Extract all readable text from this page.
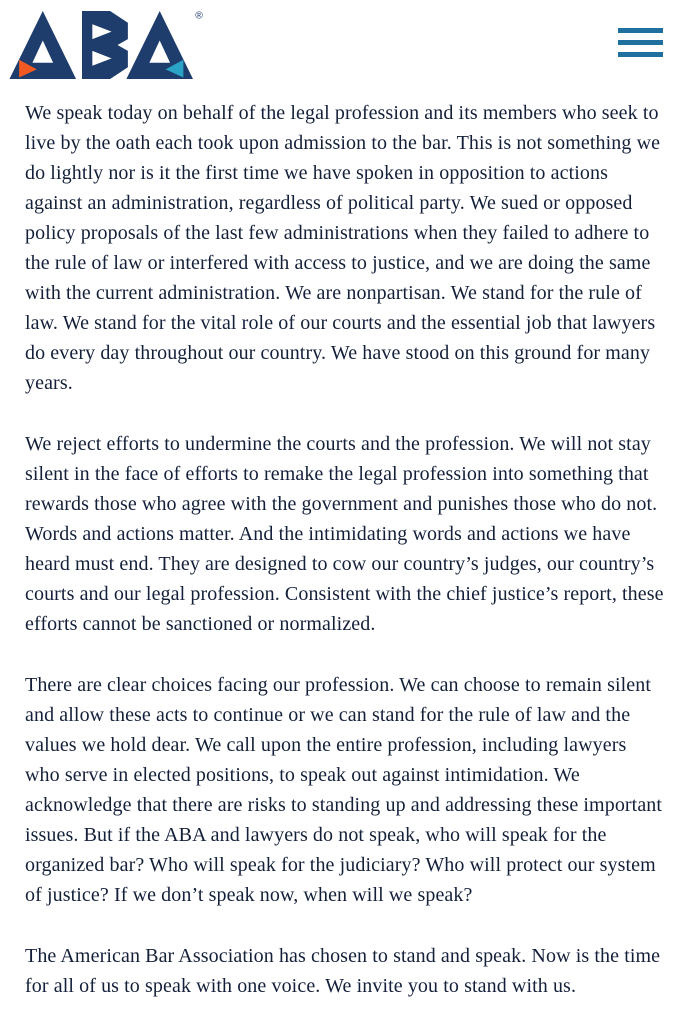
®

We speak today on behalf of the legal profession and its members who seek to live by the oath each took upon admission to the bar. This is not something we do lightly nor is it the first time we have spoken in opposition to actions against an administration, regardless of political party. We sued or opposed policy proposals of the last few administrations when they failed to adhere to the rule of law or interfered with access to justice, and we are doing the same with the current administration. We are nonpartisan. We stand for the rule of law. We stand for the vital role of our courts and the essential job that lawyers do every day throughout our country. We have stood on this ground for many years.

We reject efforts to undermine the courts and the profession. We will not stay silent in the face of efforts to remake the legal profession into something that rewards those who agree with the government and punishes those who do not. Words and actions matter. And the intimidating words and actions we have heard must end. They are designed to cow our country’s judges, our country’s courts and our legal profession. Consistent with the chief justice’s report, these efforts cannot be sanctioned or normalized.

There are clear choices facing our profession. We can choose to remain silent and allow these acts to continue or we can stand for the rule of law and the values we hold dear. We call upon the entire profession, including lawyers who serve in elected positions, to speak out against intimidation. We acknowledge that there are risks to standing up and addressing these important issues. But if the ABA and lawyers do not speak, who will speak for the organized bar? Who will speak for the judiciary? Who will protect our system of justice? If we don’t speak now, when will we speak?

The American Bar Association has chosen to stand and speak. Now is the time for all of us to speak with one voice. We invite you to stand with us.
